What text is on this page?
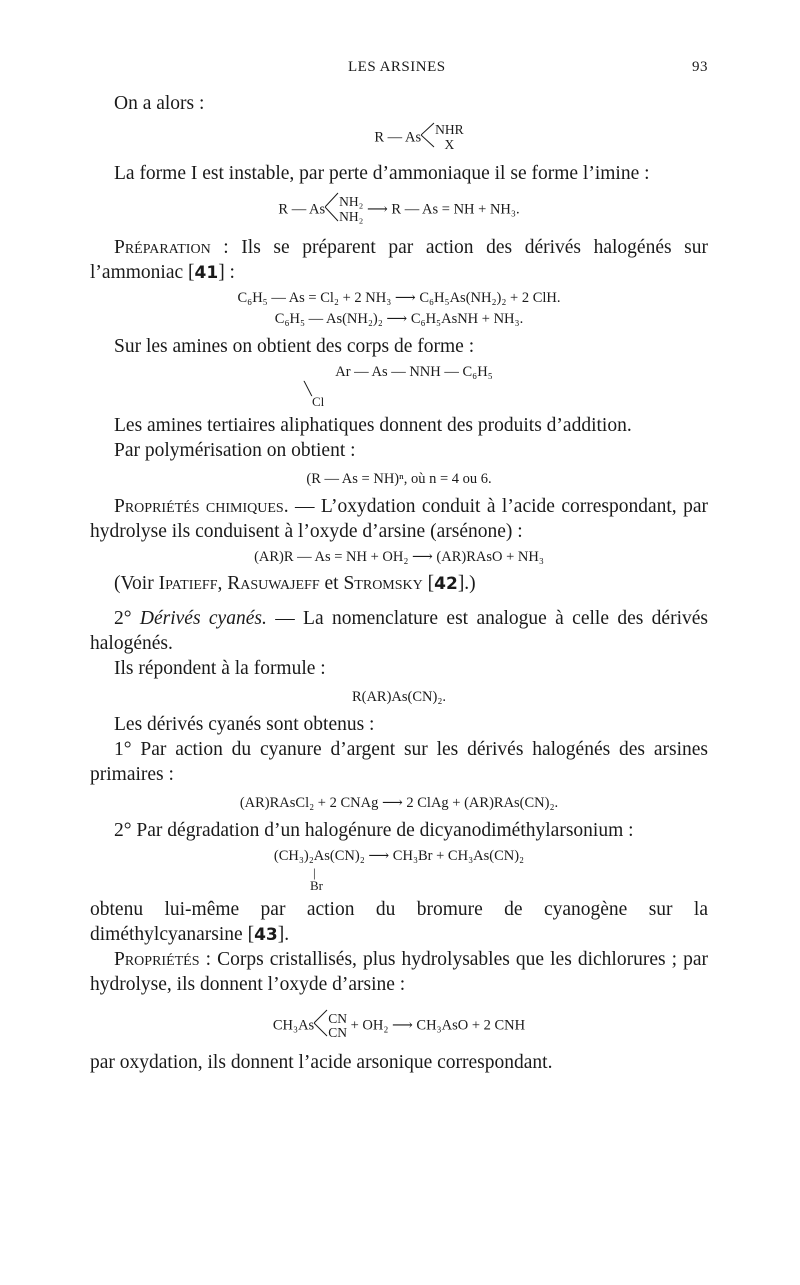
LES ARSINES	93

On a alors :

R — As NHR
X

La forme I est instable, par perte d’ammoniaque il se forme l’imine :

R — As NH₂
NH₂ ⟶ R — As = NH + NH₃.

Préparation : Ils se préparent par action des dérivés halogénés sur l’ammoniac [41] :

C₆H₅ — As = Cl₂ + 2 NH₃ ⟶ C₆H₅As(NH₂)₂ + 2 ClH.
C₆H₅ — As(NH₂)₂ ⟶ C₆H₅AsNH + NH₃.

Sur les amines on obtient des corps de forme :

Ar — As — NNH — C₆H₅
╲
Cl

Les amines tertiaires aliphatiques donnent des produits d’addition.

Par polymérisation on obtient :

(R — As = NH)ⁿ, où n = 4 ou 6.

Propriétés chimiques. — L’oxydation conduit à l’acide correspondant, par hydrolyse ils conduisent à l’oxyde d’arsine (arsénone) :

(AR)R — As = NH + OH₂ ⟶ (AR)RAsO + NH₃

(Voir Ipatieff, Rasuwajeff et Stromsky [42].)

2° Dérivés cyanés. — La nomenclature est analogue à celle des dérivés halogénés.

Ils répondent à la formule :

R(AR)As(CN)₂.

Les dérivés cyanés sont obtenus :

1° Par action du cyanure d’argent sur les dérivés halogénés des arsines primaires :

(AR)RAsCl₂ + 2 CNAg ⟶ 2 ClAg + (AR)RAs(CN)₂.

2° Par dégradation d’un halogénure de dicyanodiméthylarsonium :

(CH₃)₂As(CN)₂ ⟶ CH₃Br + CH₃As(CN)₂
|
Br

obtenu lui-même par action du bromure de cyanogène sur la diméthylcyanarsine [43].

Propriétés : Corps cristallisés, plus hydrolysables que les dichlorures ; par hydrolyse, ils donnent l’oxyde d’arsine :

CH₃As CN
CN + OH₂ ⟶ CH₃AsO + 2 CNH

par oxydation, ils donnent l’acide arsonique correspondant.
